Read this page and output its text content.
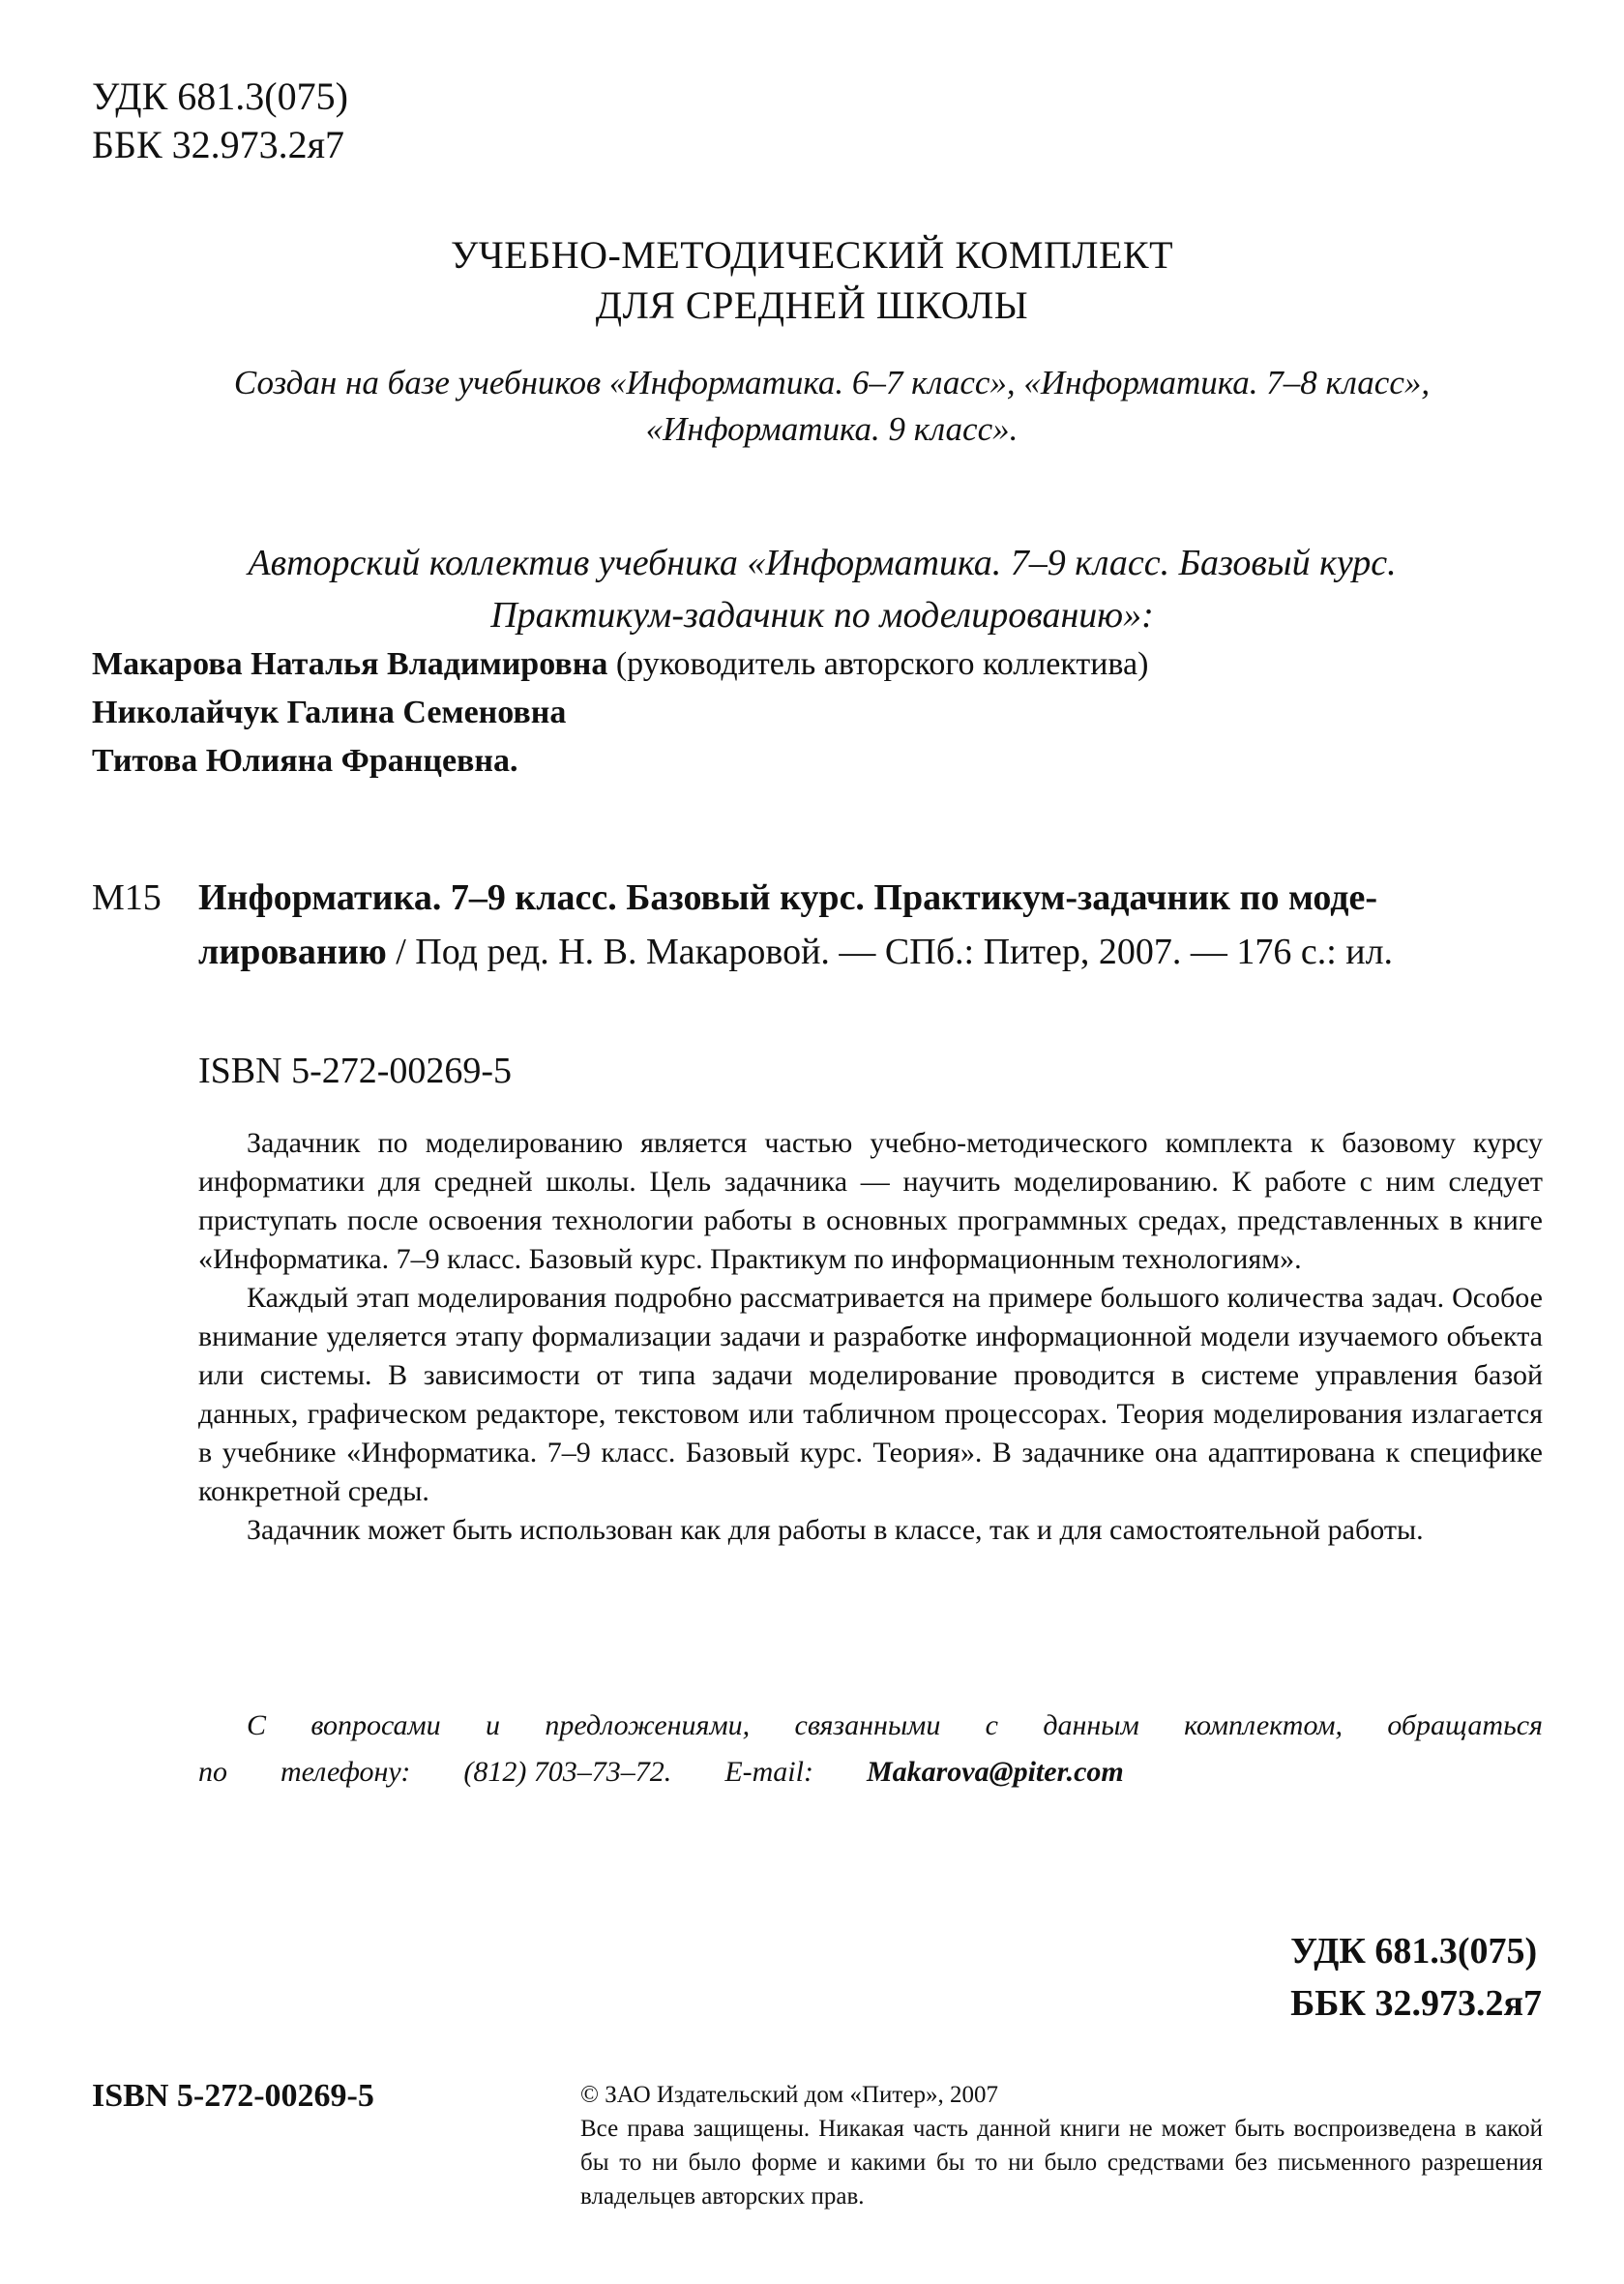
УДК 681.3(075)
ББК 32.973.2я7
УЧЕБНО-МЕТОДИЧЕСКИЙ КОМПЛЕКТ
ДЛЯ СРЕДНЕЙ ШКОЛЫ
Создан на базе учебников «Информатика. 6–7 класс», «Информатика. 7–8 класс»,
«Информатика. 9 класс».
Авторский коллектив учебника «Информатика. 7–9 класс. Базовый курс.
Практикум-задачник по моделированию»:
Макарова Наталья Владимировна (руководитель авторского коллектива)
Николайчук Галина Семеновна
Титова Юлияна Францевна.
М15 Информатика. 7–9 класс. Базовый курс. Практикум-задачник по моде-
лированию / Под ред. Н. В. Макаровой. — СПб.: Питер, 2007. — 176 с.: ил.
ISBN 5-272-00269-5

Задачник по моделированию является частью учебно-методического комплекта к базовому курсу информатики для средней школы. Цель задачника — научить моделированию. К работе с ним следует приступать после освоения технологии работы в основных программных средах, представленных в книге «Информатика. 7–9 класс. Базовый курс. Практикум по информационным технологиям».

Каждый этап моделирования подробно рассматривается на примере большого количества задач. Особое внимание уделяется этапу формализации задачи и разработке информационной модели изучаемого объекта или системы. В зависимости от типа задачи моделирование проводится в системе управления базой данных, графическом редакторе, текстовом или табличном процессорах. Теория моделирования излагается в учебнике «Информатика. 7–9 класс. Базовый курс. Теория». В задачнике она адаптирована к специфике конкретной среды.

Задачник может быть использован как для работы в классе, так и для самостоятельной работы.

С вопросами и предложениями, связанными с данным комплектом, обращаться
по телефону: (812) 703–73–72. E-mail: Makarova@piter.com
УДК 681.3(075)
ББК 32.973.2я7
ISBN 5-272-00269-5	© ЗАО Издательский дом «Питер», 2007
Все права защищены. Никакая часть данной книги не может быть воспроизведена в какой бы то ни было форме и какими бы то ни было средствами без письменного разрешения владельцев авторских прав.
